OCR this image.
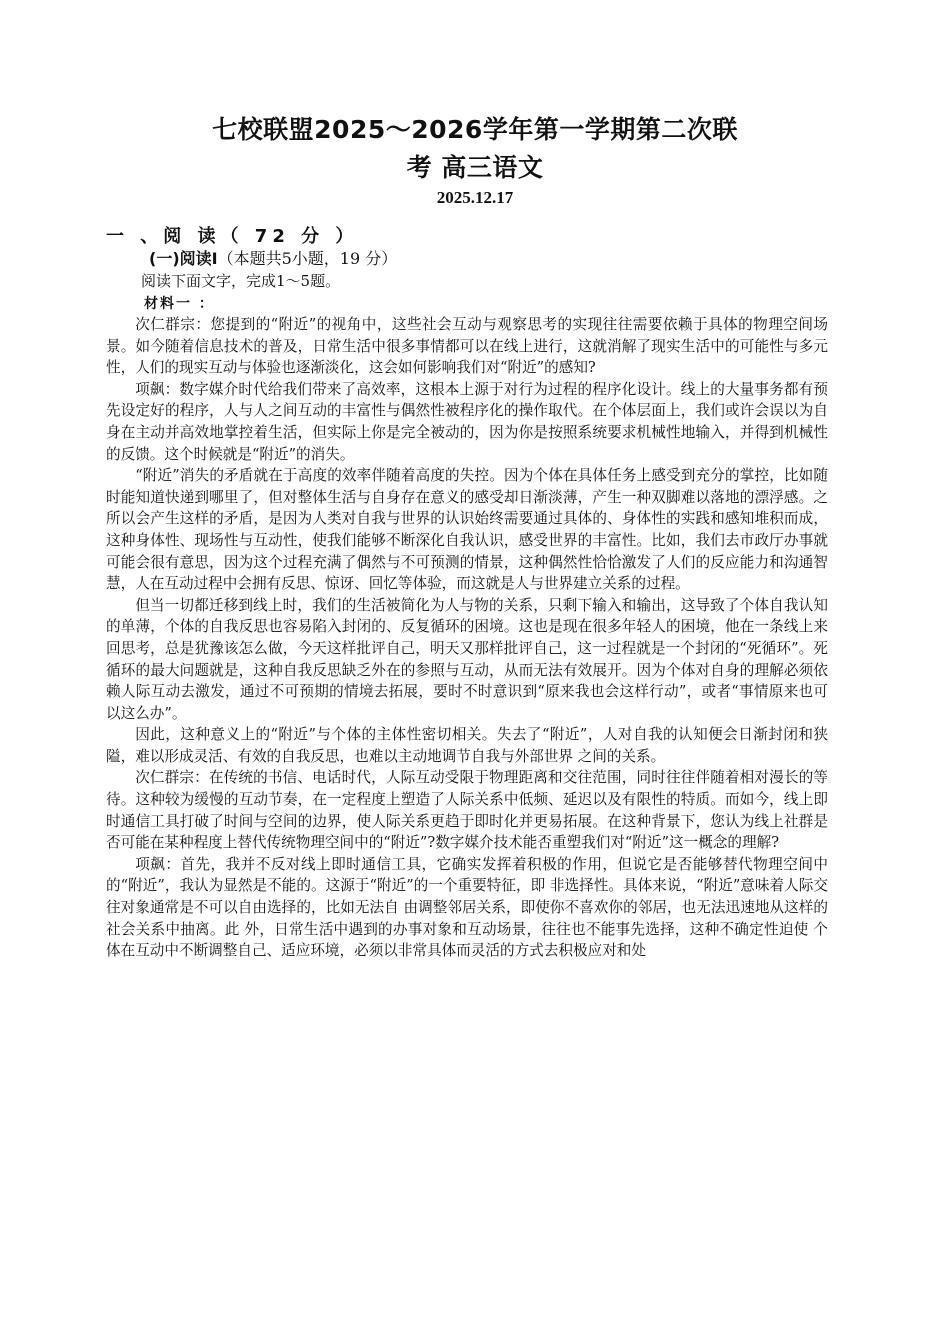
七校联盟2025～2026学年第一学期第二次联
考 高三语文
2025.12.17
一 、阅 读（ 72 分 ）
(一)阅读Ⅰ（本题共5小题，19 分）
阅读下面文字，完成1～5题。
材料一 ：

次仁群宗：您提到的“附近”的视角中，这些社会互动与观察思考的实现往往需要依赖于具体的物理空间场景。如今随着信息技术的普及，日常生活中很多事情都可以在线上进行，这就消解了现实生活中的可能性与多元性，人们的现实互动与体验也逐渐淡化，这会如何影响我们对“附近”的感知?

项飙：数字媒介时代给我们带来了高效率，这根本上源于对行为过程的程序化设计。线上的大量事务都有预先设定好的程序，人与人之间互动的丰富性与偶然性被程序化的操作取代。在个体层面上，我们或许会误以为自身在主动并高效地掌控着生活，但实际上你是完全被动的，因为你是按照系统要求机械性地输入，并得到机械性的反馈。这个时候就是“附近”的消失。

“附近”消失的矛盾就在于高度的效率伴随着高度的失控。因为个体在具体任务上感受到充分的掌控，比如随时能知道快递到哪里了，但对整体生活与自身存在意义的感受却日渐淡薄，产生一种双脚难以落地的漂浮感。之所以会产生这样的矛盾，是因为人类对自我与世界的认识始终需要通过具体的、身体性的实践和感知堆积而成，这种身体性、现场性与互动性，使我们能够不断深化自我认识，感受世界的丰富性。比如，我们去市政厅办事就可能会很有意思，因为这个过程充满了偶然与不可预测的情景，这种偶然性恰恰激发了人们的反应能力和沟通智慧，人在互动过程中会拥有反思、惊讶、回忆等体验，而这就是人与世界建立关系的过程。

但当一切都迁移到线上时，我们的生活被简化为人与物的关系，只剩下输入和输出，这导致了个体自我认知的单薄，个体的自我反思也容易陷入封闭的、反复循环的困境。这也是现在很多年轻人的困境，他在一条线上来回思考，总是犹豫该怎么做，今天这样批评自己，明天又那样批评自己，这一过程就是一个封闭的“死循环”。死循环的最大问题就是，这种自我反思缺乏外在的参照与互动，从而无法有效展开。因为个体对自身的理解必须依赖人际互动去激发，通过不可预期的情境去拓展，要时不时意识到“原来我也会这样行动”，或者“事情原来也可以这么办”。

因此，这种意义上的“附近”与个体的主体性密切相关。失去了“附近”，人对自我的认知便会日渐封闭和狭隘，难以形成灵活、有效的自我反思，也难以主动地调节自我与外部世界 之间的关系。

次仁群宗：在传统的书信、电话时代，人际互动受限于物理距离和交往范围，同时往往伴随着相对漫长的等待。这种较为缓慢的互动节奏，在一定程度上塑造了人际关系中低频、延迟以及有限性的特质。而如今，线上即时通信工具打破了时间与空间的边界，使人际关系更趋于即时化并更易拓展。在这种背景下，您认为线上社群是否可能在某种程度上替代传统物理空间中的“附近”?数字媒介技术能否重塑我们对“附近”这一概念的理解?

项飙：首先，我并不反对线上即时通信工具，它确实发挥着积极的作用，但说它是否能够替代物理空间中的“附近”，我认为显然是不能的。这源于“附近”的一个重要特征，即 非选择性。具体来说，“附近”意味着人际交往对象通常是不可以自由选择的，比如无法自 由调整邻居关系，即使你不喜欢你的邻居，也无法迅速地从这样的社会关系中抽离。此 外，日常生活中遇到的办事对象和互动场景，往往也不能事先选择，这种不确定性迫使 个体在互动中不断调整自己、适应环境，必须以非常具体而灵活的方式去积极应对和处
